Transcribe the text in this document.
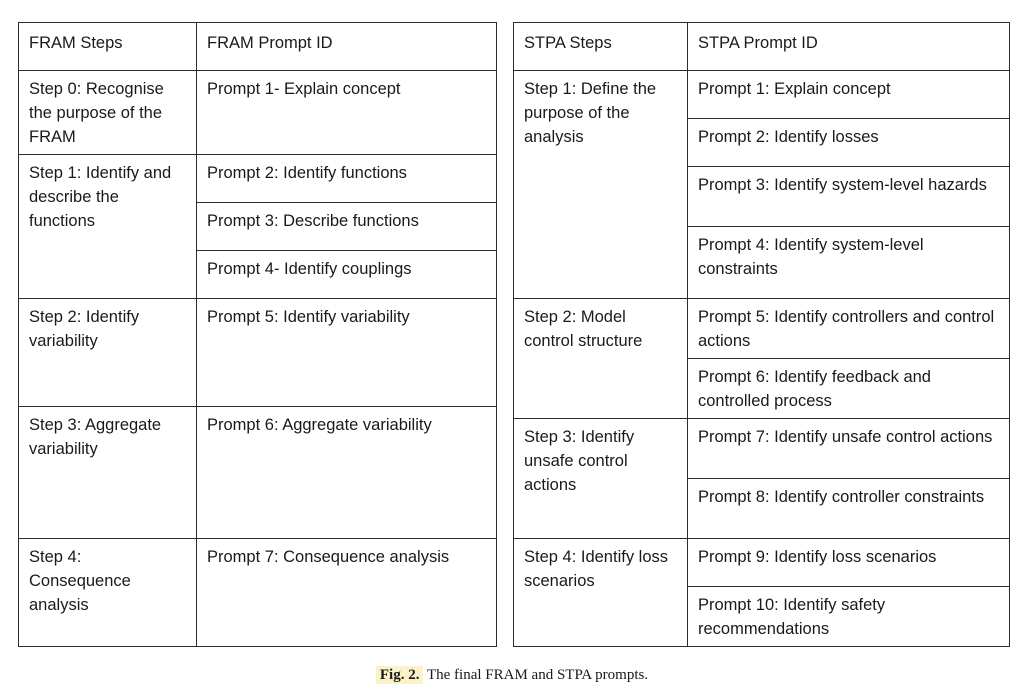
FRAM Steps	FRAM Prompt ID
Step 0: Recognise the purpose of the FRAM	Prompt 1- Explain concept
Step 1: Identify and describe the functions	Prompt 2: Identify functions
	Prompt 3: Describe functions
	Prompt 4- Identify couplings
Step 2: Identify variability	Prompt 5: Identify variability
Step 3: Aggregate variability	Prompt 6: Aggregate variability
Step 4: Consequence analysis	Prompt 7: Consequence analysis
STPA Steps	STPA Prompt ID
Step 1: Define the purpose of the analysis	Prompt 1: Explain concept
	Prompt 2: Identify losses
	Prompt 3: Identify system-level hazards
	Prompt 4: Identify system-level constraints
Step 2: Model control structure	Prompt 5: Identify controllers and control actions
	Prompt 6: Identify feedback and controlled process
Step 3: Identify unsafe control actions	Prompt 7: Identify unsafe control actions
	Prompt 8: Identify controller constraints
Step 4: Identify loss scenarios	Prompt 9: Identify loss scenarios
	Prompt 10: Identify safety recommendations
Fig. 2. The final FRAM and STPA prompts.
